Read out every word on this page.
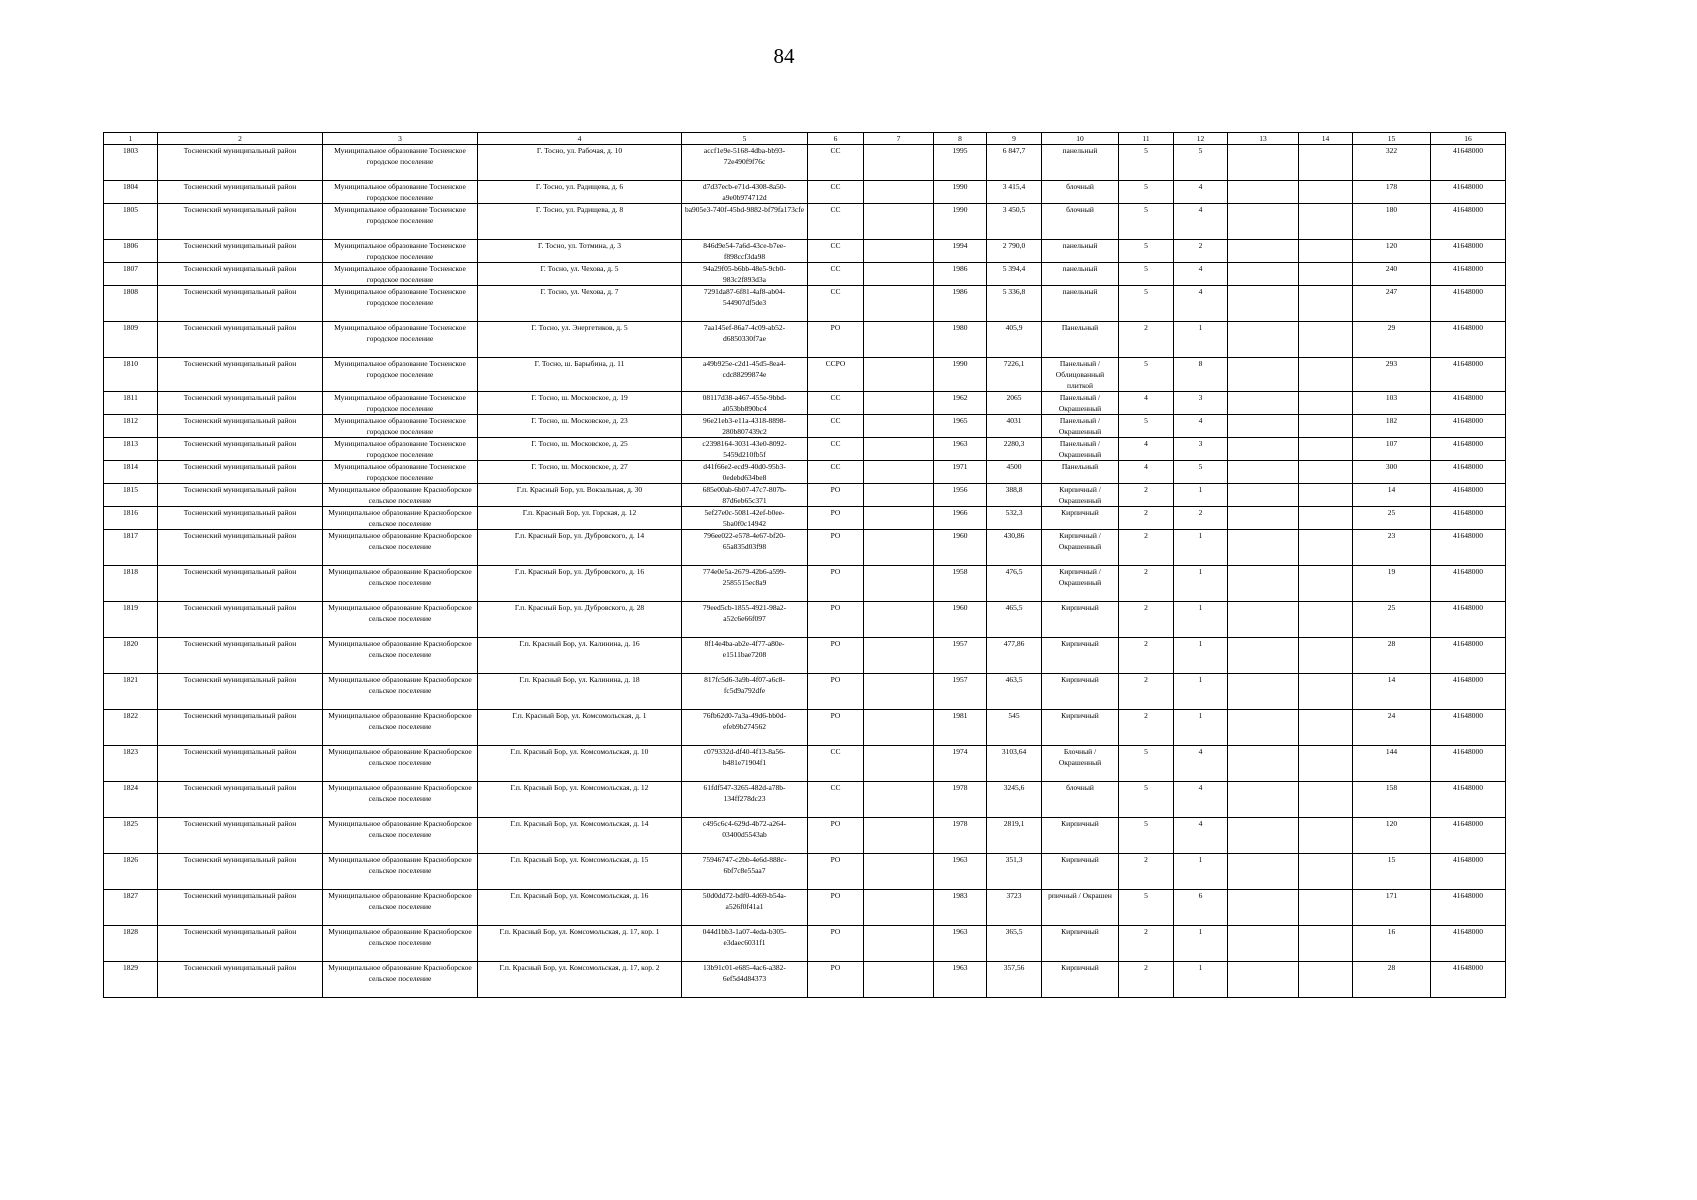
84
1	2	3	4	5	6	7	8	9	10	11	12	13	14	15	16
1803	Тосненский муниципальный район	Муниципальное образование Тосненское городское поселение	Г. Тосно, ул. Рабочая, д. 10	accf1e9e-5168-4dba-bb93-72e490f9f76c	СС		1995	6 847,7	панельный	5	5			322	41648000
1804	Тосненский муниципальный район	Муниципальное образование Тосненское городское поселение	Г. Тосно, ул. Радищева, д. 6	d7d37ecb-e71d-4308-8a50-a9e0b974712d	СС		1990	3 415,4	блочный	5	4			178	41648000
1805	Тосненский муниципальный район	Муниципальное образование Тосненское городское поселение	Г. Тосно, ул. Радищева, д. 8	ba905e3-740f-45bd-9882-bf79fa173cfe	СС		1990	3 450,5	блочный	5	4			180	41648000
1806	Тосненский муниципальный район	Муниципальное образование Тосненское городское поселение	Г. Тосно, ул. Тотмина, д. 3	846d9e54-7a6d-43ce-b7ee-f898ccf3da98	СС		1994	2 790,0	панельный	5	2			120	41648000
1807	Тосненский муниципальный район	Муниципальное образование Тосненское городское поселение	Г. Тосно, ул. Чехова, д. 5	94a29f05-b6bb-48e5-9cb0-983c2f893d3a	СС		1986	5 394,4	панельный	5	4			240	41648000
1808	Тосненский муниципальный район	Муниципальное образование Тосненское городское поселение	Г. Тосно, ул. Чехова, д. 7	7291da87-6f81-4af8-ab04-544907df5de3	СС		1986	5 336,8	панельный	5	4			247	41648000
1809	Тосненский муниципальный район	Муниципальное образование Тосненское городское поселение	Г. Тосно, ул. Энергетиков, д. 5	7aa145ef-86a7-4c09-ab52-d6850330f7ae	РО		1980	405,9	Панельный	2	1			29	41648000
1810	Тосненский муниципальный район	Муниципальное образование Тосненское городское поселение	Г. Тосно, ш. Барыбина, д. 11	a49b925e-c2d1-45d5-8ea4-cdc88299874e	ССРО		1990	7226,1	Панельный / Облицованный плиткой	5	8			293	41648000
1811	Тосненский муниципальный район	Муниципальное образование Тосненское городское поселение	Г. Тосно, ш. Московское, д. 19	08117d38-a467-455e-9bbd-a053bb890bc4	СС		1962	2065	Панельный / Окрашенный	4	3			103	41648000
1812	Тосненский муниципальный район	Муниципальное образование Тосненское городское поселение	Г. Тосно, ш. Московское, д. 23	96e21eb3-e11a-4318-8898-280b807439c2	СС		1965	4031	Панельный / Окрашенный	5	4			182	41648000
1813	Тосненский муниципальный район	Муниципальное образование Тосненское городское поселение	Г. Тосно, ш. Московское, д. 25	c2398164-3031-43e0-8092-5459d210fb5f	СС		1963	2280,3	Панельный / Окрашенный	4	3			107	41648000
1814	Тосненский муниципальный район	Муниципальное образование Тосненское городское поселение	Г. Тосно, ш. Московское, д. 27	d41f66e2-ecd9-40d0-95b3-0edebd634be8	СС		1971	4500	Панельный	4	5			300	41648000
1815	Тосненский муниципальный район	Муниципальное образование Красноборское сельское поселение	Г.п. Красный Бор, ул. Вокзальная, д. 30	685e00ab-6b07-47c7-807b-87d6eb65c371	РО		1956	388,8	Кирпичный / Окрашенный	2	1			14	41648000
1816	Тосненский муниципальный район	Муниципальное образование Красноборское сельское поселение	Г.п. Красный Бор, ул. Горская, д. 12	5ef27e0c-5081-42ef-b0ee-5ba0f0c14942	РО		1966	532,3	Кирпичный	2	2			25	41648000
1817	Тосненский муниципальный район	Муниципальное образование Красноборское сельское поселение	Г.п. Красный Бор, ул. Дубровского, д. 14	796ee022-e578-4e67-bf20-65a835d03f98	РО		1960	430,86	Кирпичный / Окрашенный	2	1			23	41648000
1818	Тосненский муниципальный район	Муниципальное образование Красноборское сельское поселение	Г.п. Красный Бор, ул. Дубровского, д. 16	774e0e5a-2679-42b6-a599-2585515ec8a9	РО		1958	476,5	Кирпичный / Окрашенный	2	1			19	41648000
1819	Тосненский муниципальный район	Муниципальное образование Красноборское сельское поселение	Г.п. Красный Бор, ул. Дубровского, д. 28	79eed5cb-1855-4921-98a2-a52c6e66f097	РО		1960	465,5	Кирпичный	2	1			25	41648000
1820	Тосненский муниципальный район	Муниципальное образование Красноборское сельское поселение	Г.п. Красный Бор, ул. Калинина, д. 16	8f14e4ba-ab2e-4f77-a80e-e1511bae7208	РО		1957	477,86	Кирпичный	2	1			28	41648000
1821	Тосненский муниципальный район	Муниципальное образование Красноборское сельское поселение	Г.п. Красный Бор, ул. Калинина, д. 18	817fc5d6-3a9b-4f07-a6c8-fc5d9a792dfe	РО		1957	463,5	Кирпичный	2	1			14	41648000
1822	Тосненский муниципальный район	Муниципальное образование Красноборское сельское поселение	Г.п. Красный Бор, ул. Комсомольская, д. 1	76fb62d0-7a3a-49d6-bb0d-efeb9b274562	РО		1981	545	Кирпичный	2	1			24	41648000
1823	Тосненский муниципальный район	Муниципальное образование Красноборское сельское поселение	Г.п. Красный Бор, ул. Комсомольская, д. 10	c079332d-df40-4f13-8a56-b481e71904f1	СС		1974	3103,64	Блочный / Окрашенный	5	4			144	41648000
1824	Тосненский муниципальный район	Муниципальное образование Красноборское сельское поселение	Г.п. Красный Бор, ул. Комсомольская, д. 12	61fdf547-3265-482d-a78b-134ff278dc23	СС		1978	3245,6	блочный	5	4			158	41648000
1825	Тосненский муниципальный район	Муниципальное образование Красноборское сельское поселение	Г.п. Красный Бор, ул. Комсомольская, д. 14	c495c6c4-629d-4b72-a264-03400d5543ab	РО		1978	2819,1	Кирпичный	5	4			120	41648000
1826	Тосненский муниципальный район	Муниципальное образование Красноборское сельское поселение	Г.п. Красный Бор, ул. Комсомольская, д. 15	75946747-c2bb-4e6d-888c-6bf7c8e55aa7	РО		1963	351,3	Кирпичный	2	1			15	41648000
1827	Тосненский муниципальный район	Муниципальное образование Красноборское сельское поселение	Г.п. Красный Бор, ул. Комсомольская, д. 16	50d0dd72-bdf0-4d69-b54a-a526f0f41a1	РО		1983	3723	рпичный / Окрашен	5	6			171	41648000
1828	Тосненский муниципальный район	Муниципальное образование Красноборское сельское поселение	Г.п. Красный Бор, ул. Комсомольская, д. 17, кор. 1	044d1bb3-1a07-4eda-b305-e3daec6031f1	РО		1963	365,5	Кирпичный	2	1			16	41648000
1829	Тосненский муниципальный район	Муниципальное образование Красноборское сельское поселение	Г.п. Красный Бор, ул. Комсомольская, д. 17, кор. 2	13b91c01-e685-4ac6-a382-6ef5d4d84373	РО		1963	357,56	Кирпичный	2	1			28	41648000
